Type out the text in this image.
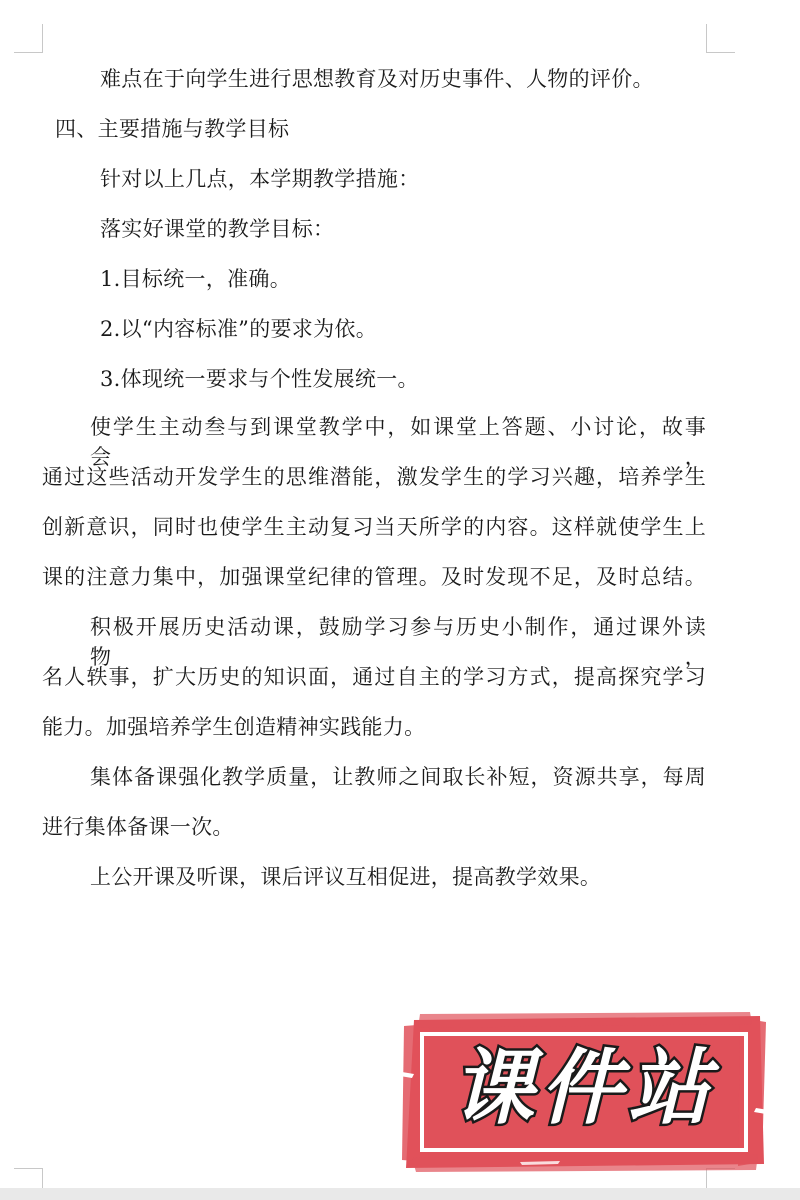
难点在于向学生进行思想教育及对历史事件、人物的评价。
四、主要措施与教学目标
针对以上几点，本学期教学措施：
落实好课堂的教学目标：
1.目标统一，准确。
2.以“内容标准”的要求为依。
3.体现统一要求与个性发展统一。
使学生主动叁与到课堂教学中，如课堂上答题、小讨论，故事会，
通过这些活动开发学生的思维潜能，激发学生的学习兴趣，培养学生
创新意识，同时也使学生主动复习当天所学的内容。这样就使学生上
课的注意力集中，加强课堂纪律的管理。及时发现不足，及时总结。
积极开展历史活动课，鼓励学习参与历史小制作，通过课外读物，
名人轶事，扩大历史的知识面，通过自主的学习方式，提高探究学习
能力。加强培养学生创造精神实践能力。
集体备课强化教学质量，让教师之间取长补短，资源共享，每周
进行集体备课一次。
上公开课及听课，课后评议互相促进，提高教学效果。
课件站
